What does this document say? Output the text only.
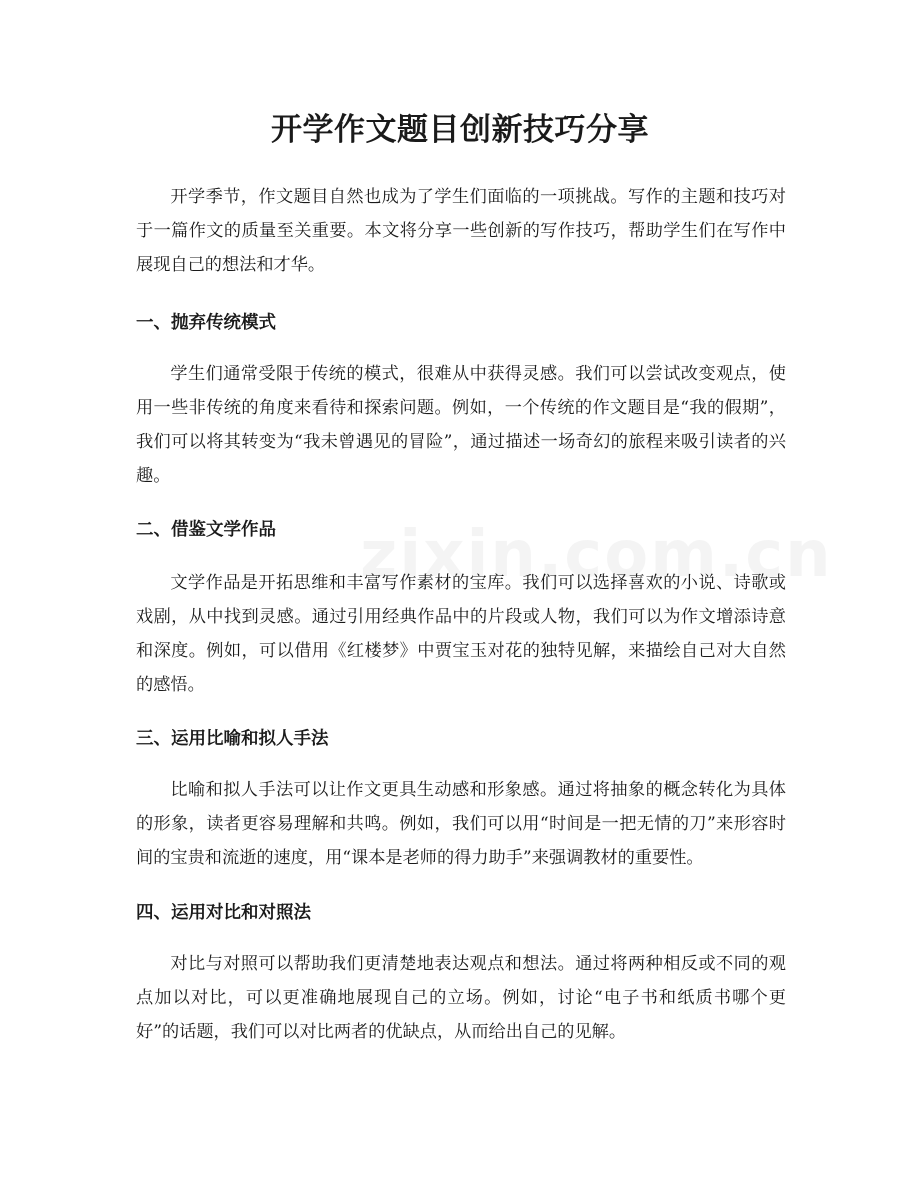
开学作文题目创新技巧分享

开学季节，作文题目自然也成为了学生们面临的一项挑战。写作的主题和技巧对于一篇作文的质量至关重要。本文将分享一些创新的写作技巧，帮助学生们在写作中展现自己的想法和才华。

一、抛弃传统模式

学生们通常受限于传统的模式，很难从中获得灵感。我们可以尝试改变观点，使用一些非传统的角度来看待和探索问题。例如，一个传统的作文题目是“我的假期”，我们可以将其转变为“我未曾遇见的冒险”，通过描述一场奇幻的旅程来吸引读者的兴趣。

二、借鉴文学作品

文学作品是开拓思维和丰富写作素材的宝库。我们可以选择喜欢的小说、诗歌或戏剧，从中找到灵感。通过引用经典作品中的片段或人物，我们可以为作文增添诗意和深度。例如，可以借用《红楼梦》中贾宝玉对花的独特见解，来描绘自己对大自然的感悟。

三、运用比喻和拟人手法

比喻和拟人手法可以让作文更具生动感和形象感。通过将抽象的概念转化为具体的形象，读者更容易理解和共鸣。例如，我们可以用“时间是一把无情的刀”来形容时间的宝贵和流逝的速度，用“课本是老师的得力助手”来强调教材的重要性。

四、运用对比和对照法

对比与对照可以帮助我们更清楚地表达观点和想法。通过将两种相反或不同的观点加以对比，可以更准确地展现自己的立场。例如，讨论“电子书和纸质书哪个更好”的话题，我们可以对比两者的优缺点，从而给出自己的见解。
